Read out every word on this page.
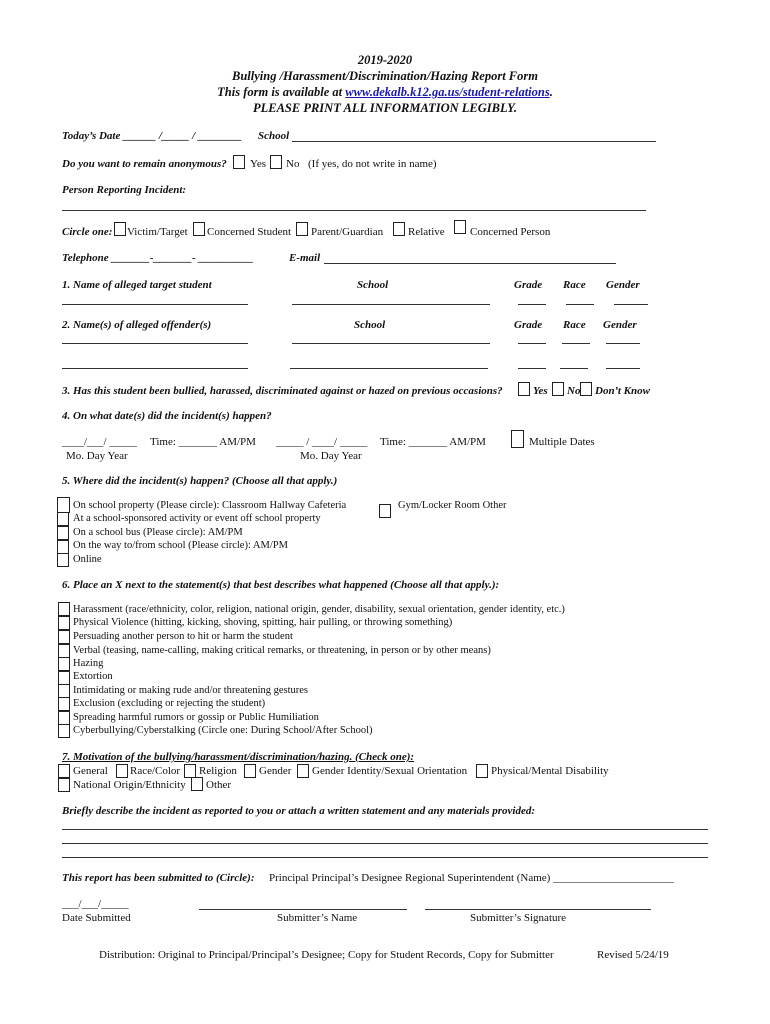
2019-2020
Bullying /Harassment/Discrimination/Hazing Report Form
This form is available at www.dekalb.k12.ga.us/student-relations.
PLEASE PRINT ALL INFORMATION LEGIBLY.
Today’s Date ______ /_____ / ________ School
Do you want to remain anonymous? Yes No (If yes, do not write in name)
Person Reporting Incident:
Circle one: Victim/Target Concerned Student Parent/Guardian Relative Concerned Person
Telephone _______-_______- __________	E-mail
1. Name of alleged target student	School	Grade Race Gender
2. Name(s) of alleged offender(s)	School	Grade Race Gender
3. Has this student been bullied, harassed, discriminated against or hazed on previous occasions?	Yes No Don’t Know
4. On what date(s) did the incident(s) happen?
____/___/ _____ Time: _______ AM/PM _____ / ____/ _____ Time: _______ AM/PM	Multiple Dates
Mo. Day Year	Mo. Day Year
5. Where did the incident(s) happen? (Choose all that apply.)
On school property (Please circle): Classroom Hallway Cafeteria	Gym/Locker Room Other
At a school-sponsored activity or event off school property
On a school bus (Please circle): AM/PM
On the way to/from school (Please circle): AM/PM
Online
6. Place an X next to the statement(s) that best describes what happened (Choose all that apply.):
Harassment (race/ethnicity, color, religion, national origin, gender, disability, sexual orientation, gender identity, etc.)
Physical Violence (hitting, kicking, shoving, spitting, hair pulling, or throwing something)
Persuading another person to hit or harm the student
Verbal (teasing, name-calling, making critical remarks, or threatening, in person or by other means)
Hazing
Extortion
Intimidating or making rude and/or threatening gestures
Exclusion (excluding or rejecting the student)
Spreading harmful rumors or gossip or Public Humiliation
Cyberbullying/Cyberstalking (Circle one: During School/After School)
7. Motivation of the bullying/harassment/discrimination/hazing. (Check one):
General Race/Color Religion Gender Gender Identity/Sexual Orientation Physical/Mental Disability
National Origin/Ethnicity Other
Briefly describe the incident as reported to you or attach a written statement and any materials provided:
This report has been submitted to (Circle): Principal Principal’s Designee Regional Superintendent (Name) ______________________
___/___/_____
Date Submitted	Submitter’s Name	Submitter’s Signature
Distribution: Original to Principal/Principal’s Designee; Copy for Student Records, Copy for Submitter	Revised 5/24/19
